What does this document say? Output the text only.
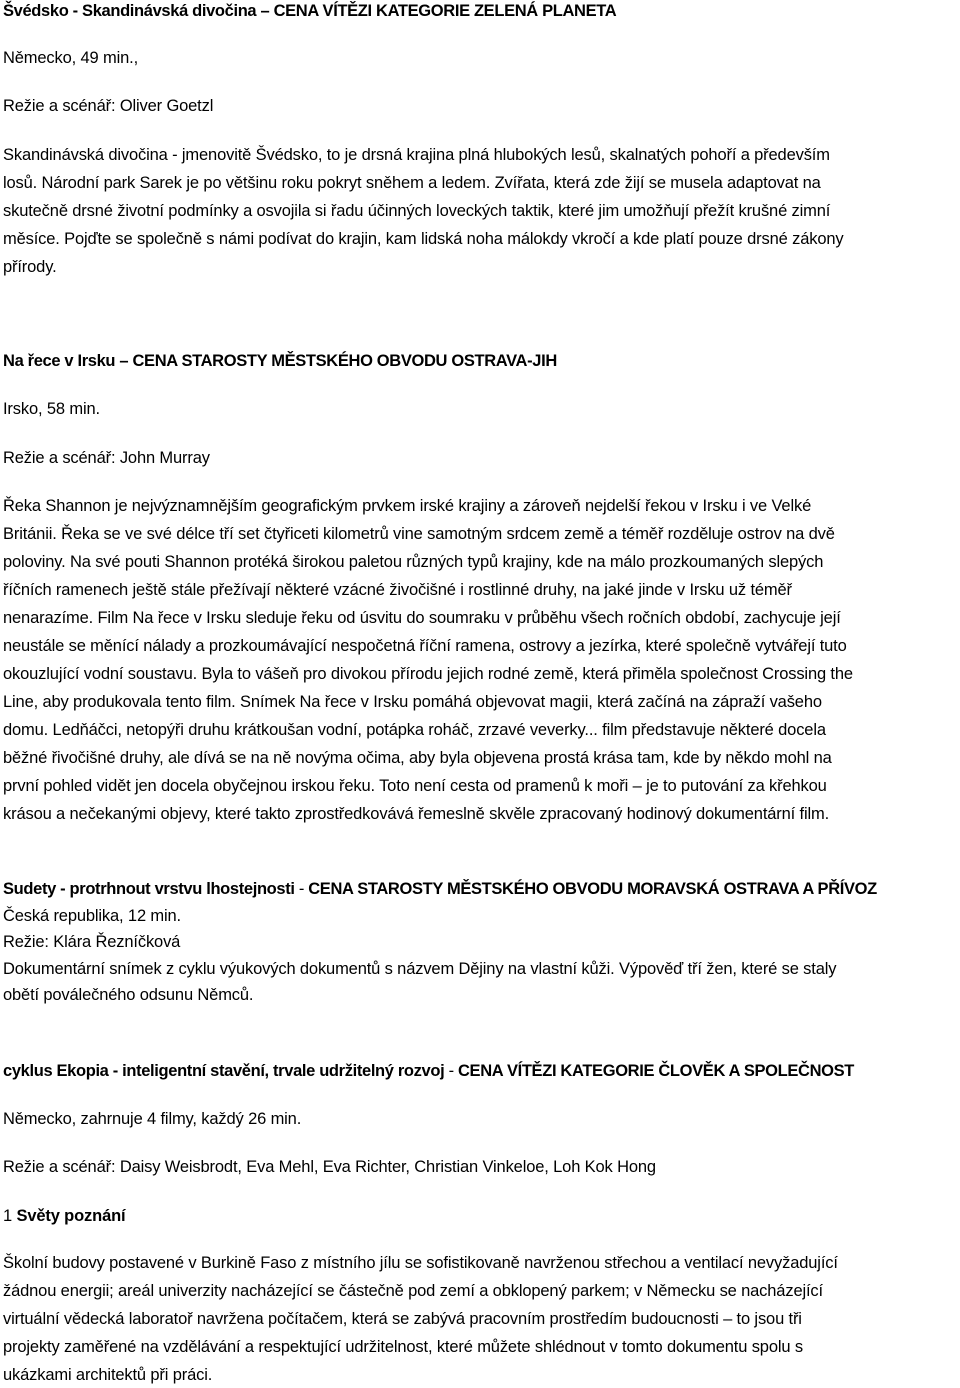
Švédsko - Skandinávská divočina – CENA VÍTĚZI KATEGORIE ZELENÁ PLANETA
Německo, 49 min.,
Režie a scénář: Oliver Goetzl
Skandinávská divočina - jmenovitě Švédsko, to je drsná krajina plná hlubokých lesů, skalnatých pohoří a především
losů. Národní park Sarek je po většinu roku pokryt sněhem a ledem. Zvířata, která zde žijí se musela adaptovat na
skutečně drsné životní podmínky a osvojila si řadu účinných loveckých taktik, které jim umožňují přežít krušné zimní
měsíce. Pojďte se společně s námi podívat do krajin, kam lidská noha málokdy vkročí a kde platí pouze drsné zákony
přírody.
Na řece v Irsku – CENA STAROSTY MĚSTSKÉHO OBVODU OSTRAVA-JIH
Irsko, 58 min.
Režie a scénář: John Murray
Řeka Shannon je nejvýznamnějším geografickým prvkem irské krajiny a zároveň nejdelší řekou v Irsku i ve Velké
Británii. Řeka se ve své délce tří set čtyřiceti kilometrů vine samotným srdcem země a téměř rozděluje ostrov na dvě
poloviny. Na své pouti Shannon protéká širokou paletou různých typů krajiny, kde na málo prozkoumaných slepých
říčních ramenech ještě stále přežívají některé vzácné živočišné i rostlinné druhy, na jaké jinde v Irsku už téměř
nenarazíme. Film Na řece v Irsku sleduje řeku od úsvitu do soumraku v průběhu všech ročních období, zachycuje její
neustále se měnící nálady a prozkoumávající nespočetná říční ramena, ostrovy a jezírka, které společně vytvářejí tuto
okouzlující vodní soustavu. Byla to vášeň pro divokou přírodu jejich rodné země, která přiměla společnost Crossing the
Line, aby produkovala tento film. Snímek Na řece v Irsku pomáhá objevovat magii, která začíná na zápraží vašeho
domu. Ledňáčci, netopýři druhu krátkoušan vodní, potápka roháč, zrzavé veverky... film představuje některé docela
běžné řivočišné druhy, ale dívá se na ně novýma očima, aby byla objevena prostá krása tam, kde by někdo mohl na
první pohled vidět jen docela obyčejnou irskou řeku. Toto není cesta od pramenů k moři – je to putování za křehkou
krásou a nečekanými objevy, které takto zprostředkovává řemeslně skvěle zpracovaný hodinový dokumentární film.
Sudety - protrhnout vrstvu lhostejnosti - CENA STAROSTY MĚSTSKÉHO OBVODU MORAVSKÁ OSTRAVA A PŘÍVOZ
Česká republika, 12 min.
Režie: Klára Řezníčková
Dokumentární snímek z cyklu výukových dokumentů s názvem Dějiny na vlastní kůži. Výpověď tří žen, které se staly
obětí poválečného odsunu Němců.
cyklus Ekopia - inteligentní stavění, trvale udržitelný rozvoj - CENA VÍTĚZI KATEGORIE ČLOVĚK A SPOLEČNOST
Německo, zahrnuje 4 filmy, každý 26 min.
Režie a scénář: Daisy Weisbrodt, Eva Mehl, Eva Richter, Christian Vinkeloe, Loh Kok Hong
1 Světy poznání
Školní budovy postavené v Burkině Faso z místního jílu se sofistikovaně navrženou střechou a ventilací nevyžadující
žádnou energii; areál univerzity nacházející se částečně pod zemí a obklopený parkem; v Německu se nacházející
virtuální vědecká laboratoř navržena počítačem, která se zabývá pracovním prostředím budoucnosti – to jsou tři
projekty zaměřené na vzdělávání a respektující udržitelnost, které můžete shlédnout v tomto dokumentu spolu s
ukázkami architektů při práci.
